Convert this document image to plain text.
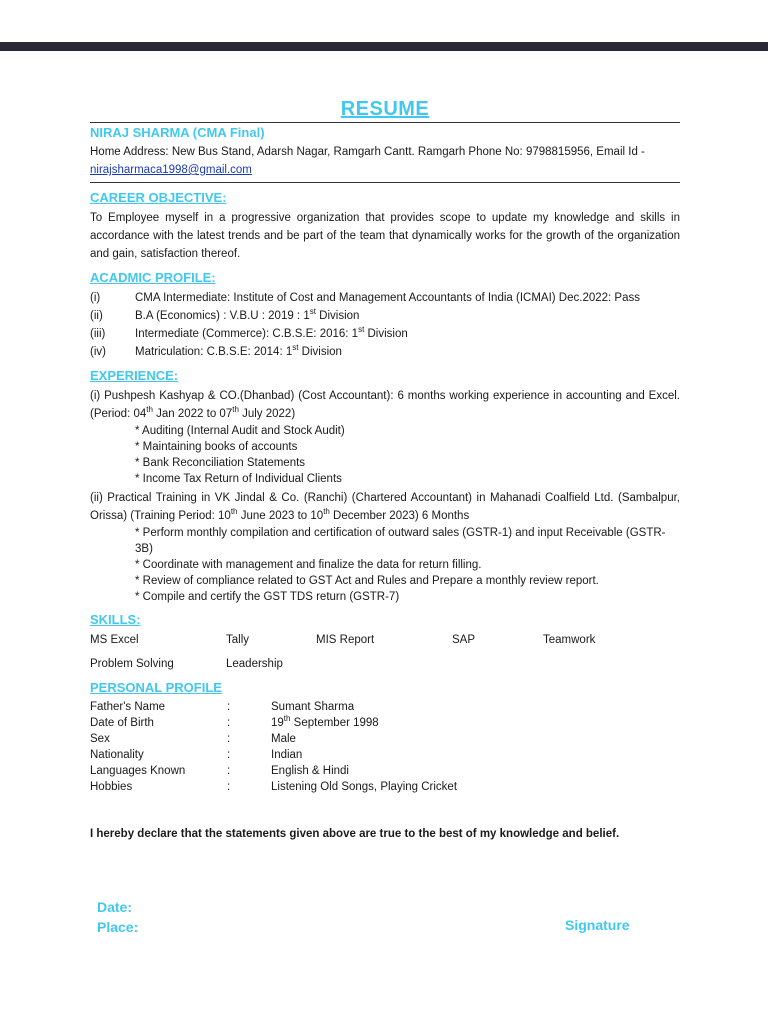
RESUME
NIRAJ SHARMA (CMA Final)
Home Address: New Bus Stand, Adarsh Nagar, Ramgarh Cantt. Ramgarh Phone No: 9798815956, Email Id - nirajsharmaca1998@gmail.com
CAREER OBJECTIVE:
To Employee myself in a progressive organization that provides scope to update my knowledge and skills in accordance with the latest trends and be part of the team that dynamically works for the growth of the organization and gain, satisfaction thereof.
ACADMIC PROFILE:
(i)	CMA Intermediate: Institute of Cost and Management Accountants of India (ICMAI) Dec.2022: Pass
(ii)	B.A (Economics) : V.B.U : 2019 : 1st Division
(iii)	Intermediate (Commerce): C.B.S.E: 2016: 1st Division
(iv)	Matriculation: C.B.S.E: 2014: 1st Division
EXPERIENCE:
(i) Pushpesh Kashyap & CO.(Dhanbad) (Cost Accountant): 6 months working experience in accounting and Excel. (Period: 04th Jan 2022 to 07th July 2022)
* Auditing (Internal Audit and Stock Audit)
* Maintaining books of accounts
* Bank Reconciliation Statements
* Income Tax Return of Individual Clients
(ii) Practical Training in VK Jindal & Co. (Ranchi) (Chartered Accountant) in Mahanadi Coalfield Ltd. (Sambalpur, Orissa) (Training Period: 10th June 2023 to 10th December 2023) 6 Months
* Perform monthly compilation and certification of outward sales (GSTR-1) and input Receivable (GSTR- 3B)
* Coordinate with management and finalize the data for return filling.
* Review of compliance related to GST Act and Rules and Prepare a monthly review report.
* Compile and certify the GST TDS return (GSTR-7)
SKILLS:
MS Excel	Tally	MIS Report	SAP	Teamwork
Problem Solving	Leadership
PERSONAL PROFILE
Father's Name	:	Sumant Sharma
Date of Birth	:	19th September 1998
Sex	:	Male
Nationality	:	Indian
Languages Known	:	English & Hindi
Hobbies	:	Listening Old Songs, Playing Cricket
I hereby declare that the statements given above are true to the best of my knowledge and belief.
Date:
Place:	Signature
